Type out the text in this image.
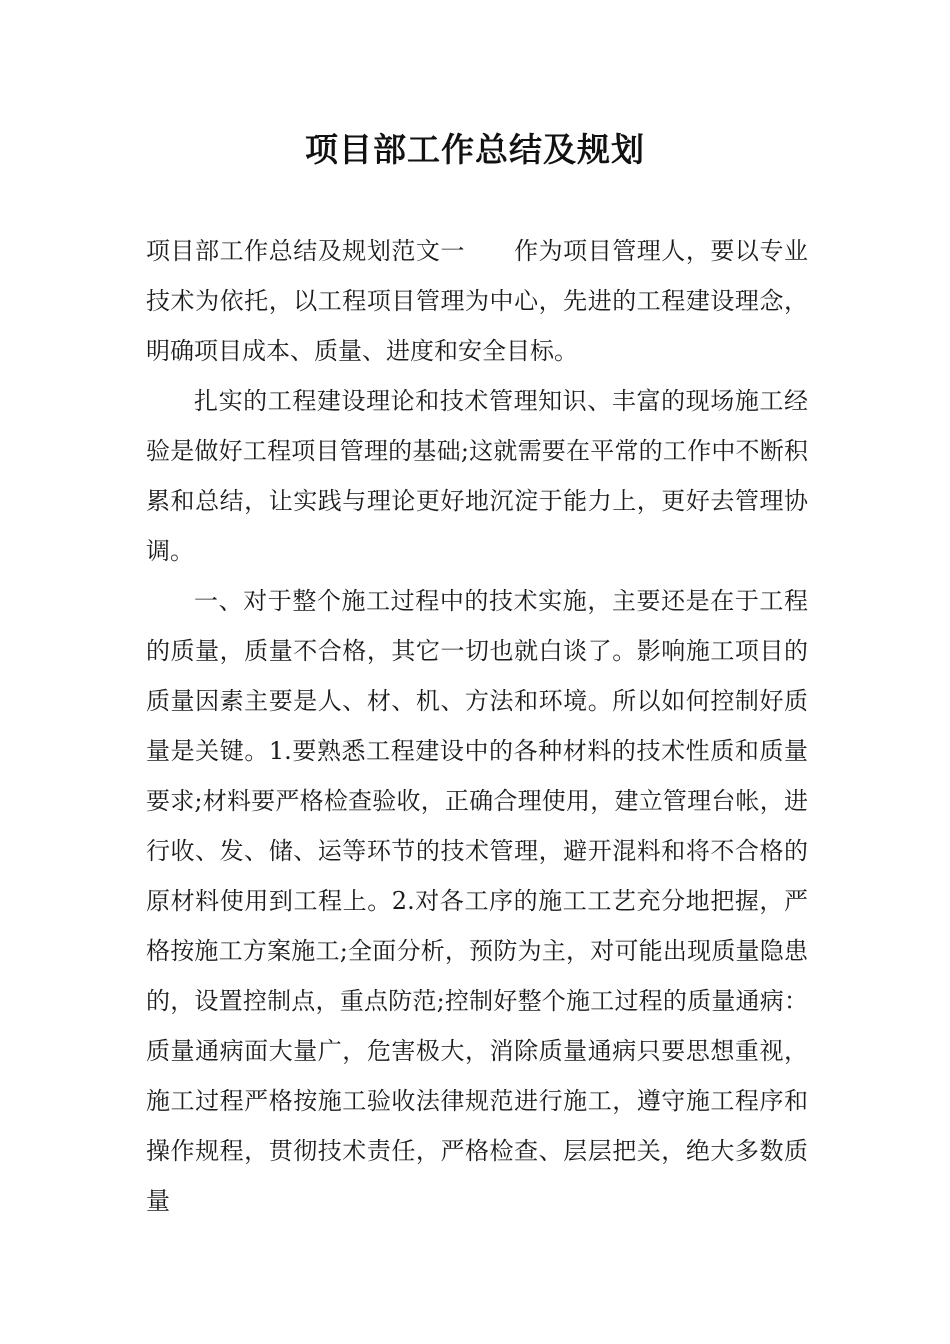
项目部工作总结及规划

项目部工作总结及规划范文一　　作为项目管理人，要以专业技术为依托，以工程项目管理为中心，先进的工程建设理念，明确项目成本、质量、进度和安全目标。

扎实的工程建设理论和技术管理知识、丰富的现场施工经验是做好工程项目管理的基础;这就需要在平常的工作中不断积累和总结，让实践与理论更好地沉淀于能力上，更好去管理协调。

一、对于整个施工过程中的技术实施，主要还是在于工程的质量，质量不合格，其它一切也就白谈了。影响施工项目的质量因素主要是人、材、机、方法和环境。所以如何控制好质量是关键。1.要熟悉工程建设中的各种材料的技术性质和质量要求;材料要严格检查验收，正确合理使用，建立管理台帐，进行收、发、储、运等环节的技术管理，避开混料和将不合格的原材料使用到工程上。2.对各工序的施工工艺充分地把握，严格按施工方案施工;全面分析，预防为主，对可能出现质量隐患的，设置控制点，重点防范;控制好整个施工过程的质量通病：质量通病面大量广，危害极大，消除质量通病只要思想重视，施工过程严格按施工验收法律规范进行施工，遵守施工程序和操作规程，贯彻技术责任，严格检查、层层把关，绝大多数质量
